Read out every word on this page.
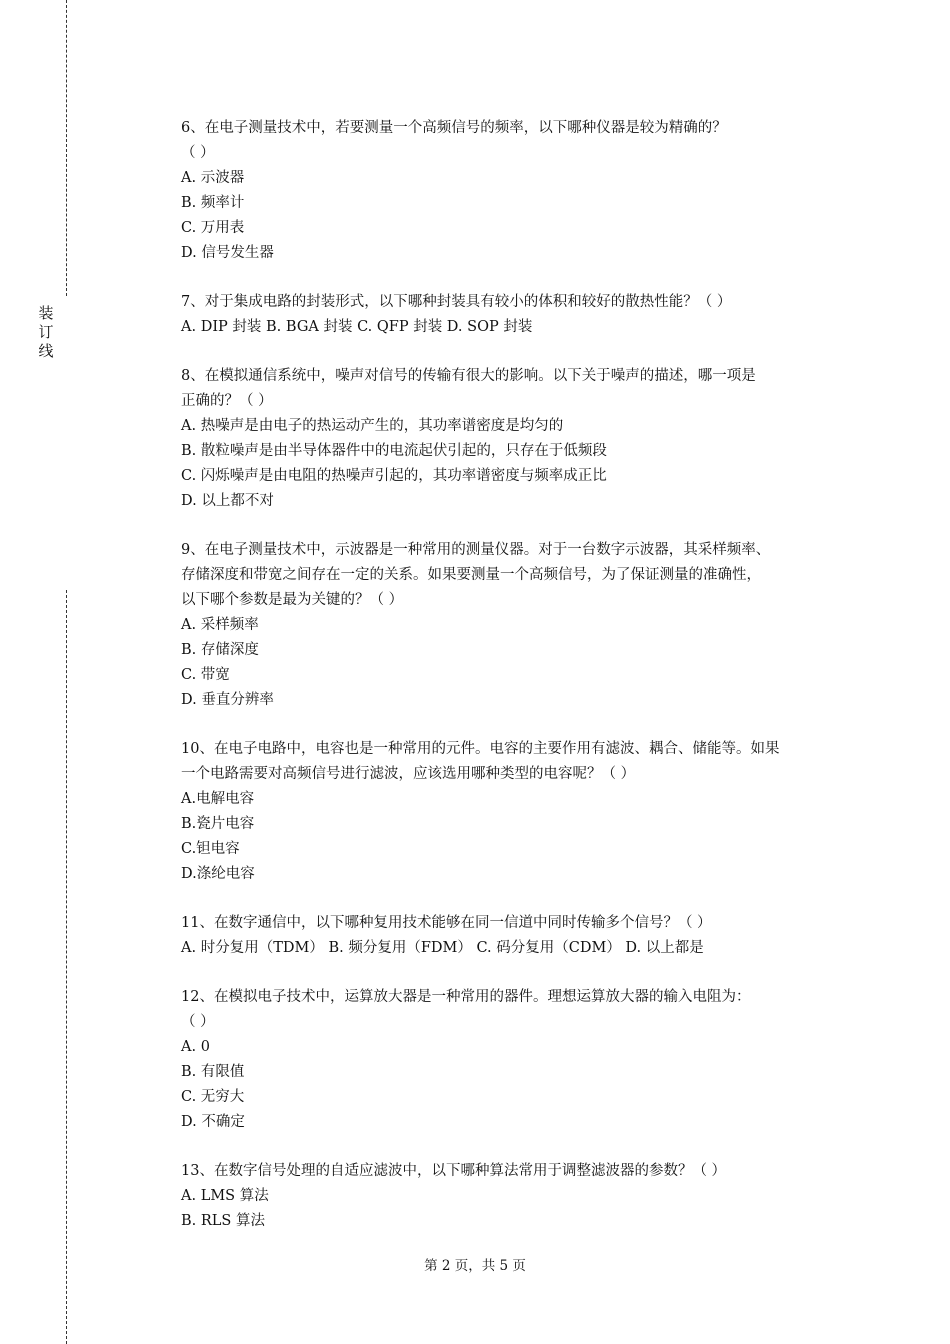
装
订
线

6、在电子测量技术中，若要测量一个高频信号的频率，以下哪种仪器是较为精确的？

（ ）

A. 示波器

B. 频率计

C. 万用表

D. 信号发生器

7、对于集成电路的封装形式，以下哪种封装具有较小的体积和较好的散热性能？（ ）

A. DIP 封装 B. BGA 封装 C. QFP 封装 D. SOP 封装

8、在模拟通信系统中，噪声对信号的传输有很大的影响。以下关于噪声的描述，哪一项是

正确的？（ ）

A. 热噪声是由电子的热运动产生的，其功率谱密度是均匀的

B. 散粒噪声是由半导体器件中的电流起伏引起的，只存在于低频段

C. 闪烁噪声是由电阻的热噪声引起的，其功率谱密度与频率成正比

D. 以上都不对

9、在电子测量技术中，示波器是一种常用的测量仪器。对于一台数字示波器，其采样频率、

存储深度和带宽之间存在一定的关系。如果要测量一个高频信号，为了保证测量的准确性，

以下哪个参数是最为关键的？（ ）

A. 采样频率

B. 存储深度

C. 带宽

D. 垂直分辨率

10、在电子电路中，电容也是一种常用的元件。电容的主要作用有滤波、耦合、储能等。如果

一个电路需要对高频信号进行滤波，应该选用哪种类型的电容呢？（ ）

A.电解电容

B.瓷片电容

C.钽电容

D.涤纶电容

11、在数字通信中，以下哪种复用技术能够在同一信道中同时传输多个信号？（ ）

A. 时分复用（TDM） B. 频分复用（FDM） C. 码分复用（CDM） D. 以上都是

12、在模拟电子技术中，运算放大器是一种常用的器件。理想运算放大器的输入电阻为：

（ ）

A. 0

B. 有限值

C. 无穷大

D. 不确定

13、在数字信号处理的自适应滤波中，以下哪种算法常用于调整滤波器的参数？（ ）

A. LMS 算法

B. RLS 算法

第 2 页，共 5 页
